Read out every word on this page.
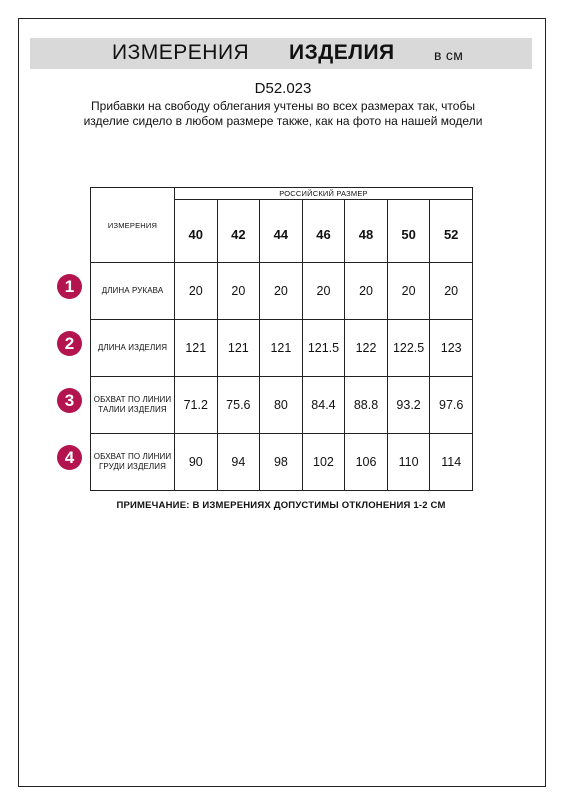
ИЗМЕРЕНИЯ ИЗДЕЛИЯ	в см
D52.023
Прибавки на свободу облегания учтены во всех размерах так, чтобы изделие сидело в любом размере также, как на фото на нашей модели
ИЗМЕРЕНИЯ	РОССИЙСКИЙ РАЗМЕР						
	40	42	44	46	48	50	52
ДЛИНА РУКАВА	20	20	20	20	20	20	20
ДЛИНА ИЗДЕЛИЯ	121	121	121	121.5	122	122.5	123
ОБХВАТ ПО ЛИНИИ ТАЛИИ ИЗДЕЛИЯ	71.2	75.6	80	84.4	88.8	93.2	97.6
ОБХВАТ ПО ЛИНИИ ГРУДИ ИЗДЕЛИЯ	90	94	98	102	106	110	114
1
2
3
4
ПРИМЕЧАНИЕ: В ИЗМЕРЕНИЯХ ДОПУСТИМЫ ОТКЛОНЕНИЯ 1-2 СМ
